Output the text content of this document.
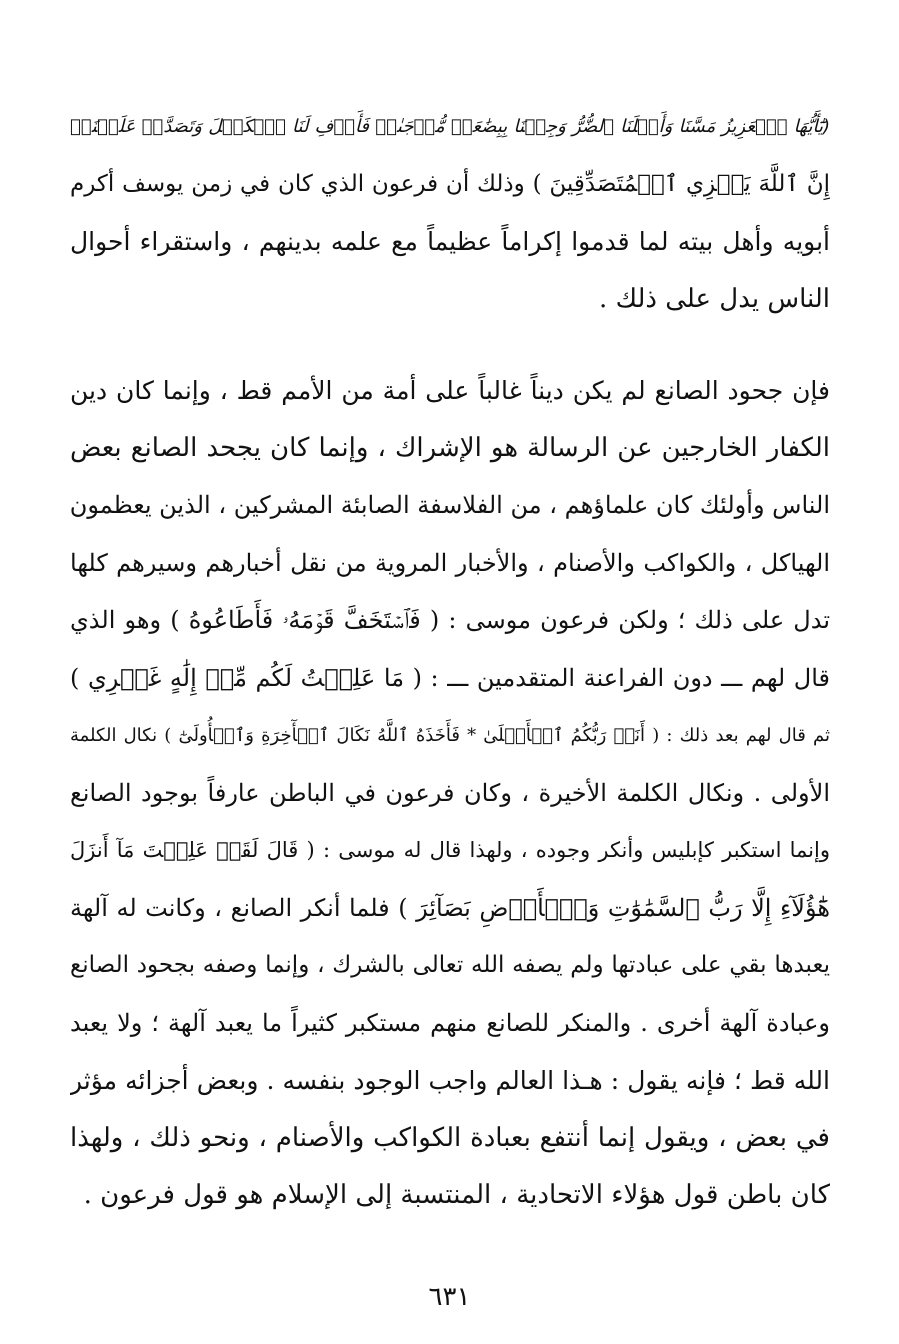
(يَٰٓأَيُّهَا ٱلۡعَزِيزُ مَسَّنَا وَأَهۡلَنَا ٱلضُّرُّ وَجِئۡنَا بِبِضَٰعَةٖ مُّزۡجَىٰةٖ فَأَوۡفِ لَنَا ٱلۡكَيۡلَ وَتَصَدَّقۡ عَلَيۡنَآۖ
إِنَّ ٱللَّهَ يَجۡزِي ٱلۡمُتَصَدِّقِينَ ) وذلك أن فرعون الذي كان في زمن يوسف أكرم
أبويه وأهل بيته لما قدموا إكراماً عظيماً مع علمه بدينهم ، واستقراء أحوال
الناس يدل على ذلك .
فإن جحود الصانع لم يكن ديناً غالباً على أمة من الأمم قط ، وإنما كان دين
الكفار الخارجين عن الرسالة هو الإشراك ، وإنما كان يجحد الصانع بعض
الناس وأولئك كان علماؤهم ، من الفلاسفة الصابئة المشركين ، الذين يعظمون
الهياكل ، والكواكب والأصنام ، والأخبار المروية من نقل أخبارهم وسيرهم كلها
تدل على ذلك ؛ ولكن فرعون موسى : ( فَٱسۡتَخَفَّ قَوۡمَهُۥ فَأَطَاعُوهُ ) وهو الذي
قال لهم ـــ دون الفراعنة المتقدمين ـــ : ( مَا عَلِمۡتُ لَكُم مِّنۡ إِلَٰهٍ غَيۡرِي )
ثم قال لهم بعد ذلك : ( أَنَا۠ رَبُّكُمُ ٱلۡأَعۡلَىٰ * فَأَخَذَهُ ٱللَّهُ نَكَالَ ٱلۡأٓخِرَةِ وَٱلۡأُولَىٰٓ ) نكال الكلمة
الأولى . ونكال الكلمة الأخيرة ، وكان فرعون في الباطن عارفاً بوجود الصانع
وإنما استكبر كإبليس وأنكر وجوده ، ولهذا قال له موسى : ( قَالَ لَقَدۡ عَلِمۡتَ مَآ أَنزَلَ
هَٰٓؤُلَآءِ إِلَّا رَبُّ ٱلسَّمَٰوَٰتِ وَٱلۡأَرۡضِ بَصَآئِرَ ) فلما أنكر الصانع ، وكانت له آلهة
يعبدها بقي على عبادتها ولم يصفه الله تعالى بالشرك ، وإنما وصفه بجحود الصانع
وعبادة آلهة أخرى . والمنكر للصانع منهم مستكبر كثيراً ما يعبد آلهة ؛ ولا يعبد
الله قط ؛ فإنه يقول : هـذا العالم واجب الوجود بنفسه . وبعض أجزائه مؤثر
في بعض ، ويقول إنما أنتفع بعبادة الكواكب والأصنام ، ونحو ذلك ، ولهذا
كان باطن قول هؤلاء الاتحادية ، المنتسبة إلى الإسلام هو قول فرعون .
٦٣١
